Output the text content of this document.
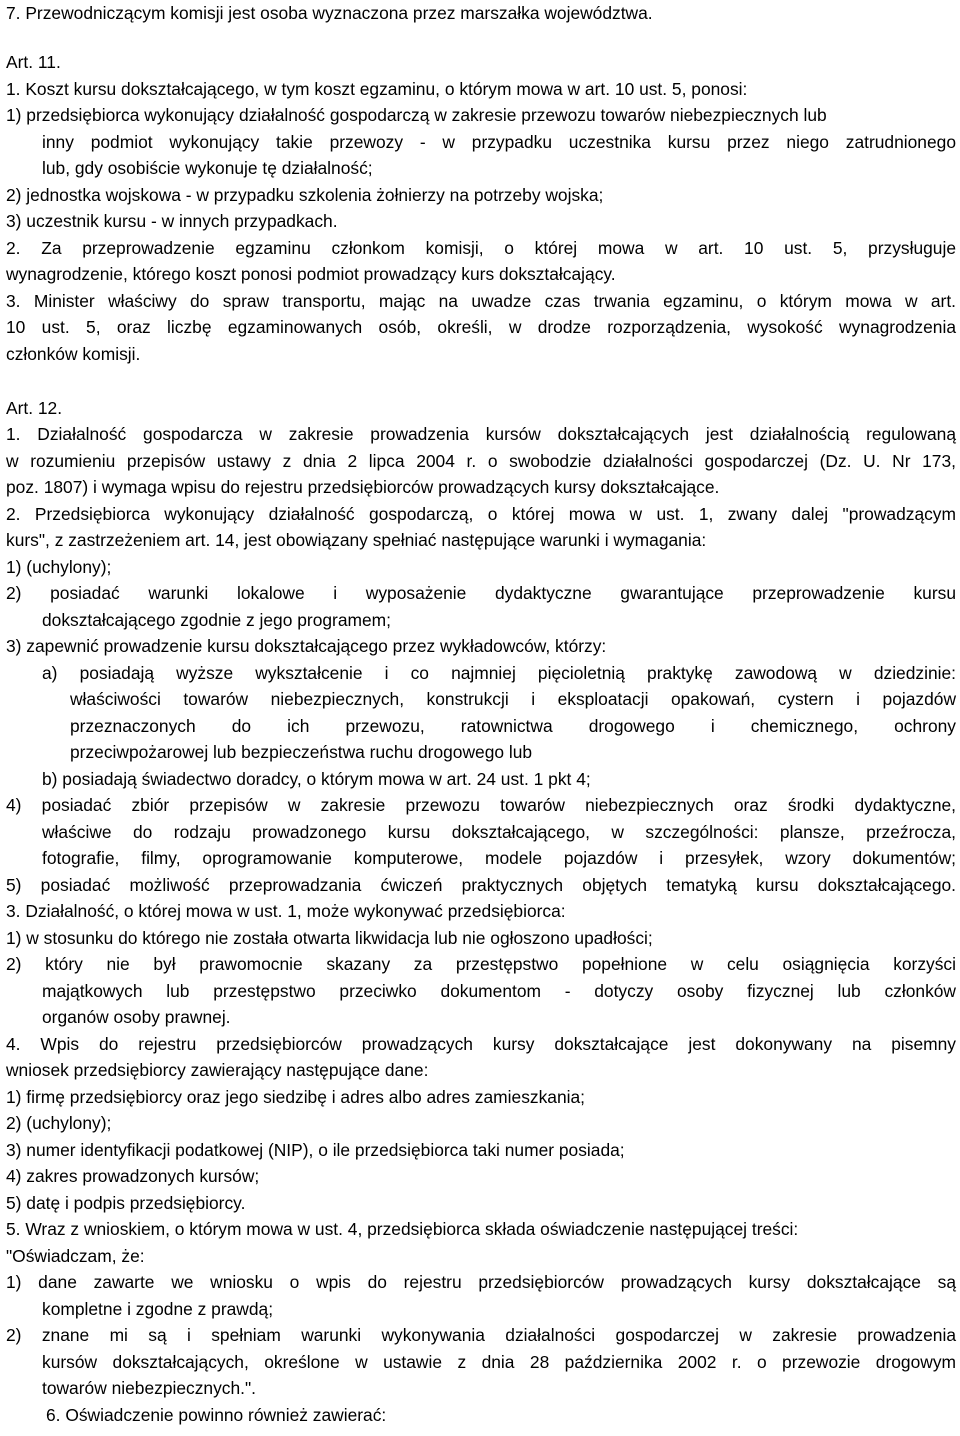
7. Przewodniczącym komisji jest osoba wyznaczona przez marszałka województwa.
Art. 11.
1. Koszt kursu dokształcającego, w tym koszt egzaminu, o którym mowa w art. 10 ust. 5, ponosi:
1) przedsiębiorca wykonujący działalność gospodarczą w zakresie przewozu towarów niebezpiecznych lub
inny podmiot wykonujący takie przewozy - w przypadku uczestnika kursu przez niego zatrudnionego
lub, gdy osobiście wykonuje tę działalność;
2) jednostka wojskowa - w przypadku szkolenia żołnierzy na potrzeby wojska;
3) uczestnik kursu - w innych przypadkach.
2. Za przeprowadzenie egzaminu członkom komisji, o której mowa w art. 10 ust. 5, przysługuje
wynagrodzenie, którego koszt ponosi podmiot prowadzący kurs dokształcający.
3. Minister właściwy do spraw transportu, mając na uwadze czas trwania egzaminu, o którym mowa w art.
10 ust. 5, oraz liczbę egzaminowanych osób, określi, w drodze rozporządzenia, wysokość wynagrodzenia
członków komisji.
Art. 12.
1. Działalność gospodarcza w zakresie prowadzenia kursów dokształcających jest działalnością regulowaną
w rozumieniu przepisów ustawy z dnia 2 lipca 2004 r. o swobodzie działalności gospodarczej (Dz. U. Nr 173,
poz. 1807) i wymaga wpisu do rejestru przedsiębiorców prowadzących kursy dokształcające.
2. Przedsiębiorca wykonujący działalność gospodarczą, o której mowa w ust. 1, zwany dalej "prowadzącym
kurs", z zastrzeżeniem art. 14, jest obowiązany spełniać następujące warunki i wymagania:
1) (uchylony);
2) posiadać warunki lokalowe i wyposażenie dydaktyczne gwarantujące przeprowadzenie kursu
dokształcającego zgodnie z jego programem;
3) zapewnić prowadzenie kursu dokształcającego przez wykładowców, którzy:
a) posiadają wyższe wykształcenie i co najmniej pięcioletnią praktykę zawodową w dziedzinie:
właściwości towarów niebezpiecznych, konstrukcji i eksploatacji opakowań, cystern i pojazdów
przeznaczonych do ich przewozu, ratownictwa drogowego i chemicznego, ochrony
przeciwpożarowej lub bezpieczeństwa ruchu drogowego lub
b) posiadają świadectwo doradcy, o którym mowa w art. 24 ust. 1 pkt 4;
4) posiadać zbiór przepisów w zakresie przewozu towarów niebezpiecznych oraz środki dydaktyczne,
właściwe do rodzaju prowadzonego kursu dokształcającego, w szczególności: plansze, przeźrocza,
fotografie, filmy, oprogramowanie komputerowe, modele pojazdów i przesyłek, wzory dokumentów;
5) posiadać możliwość przeprowadzania ćwiczeń praktycznych objętych tematyką kursu dokształcającego.
3. Działalność, o której mowa w ust. 1, może wykonywać przedsiębiorca:
1) w stosunku do którego nie została otwarta likwidacja lub nie ogłoszono upadłości;
2) który nie był prawomocnie skazany za przestępstwo popełnione w celu osiągnięcia korzyści
majątkowych lub przestępstwo przeciwko dokumentom - dotyczy osoby fizycznej lub członków
organów osoby prawnej.
4. Wpis do rejestru przedsiębiorców prowadzących kursy dokształcające jest dokonywany na pisemny
wniosek przedsiębiorcy zawierający następujące dane:
1) firmę przedsiębiorcy oraz jego siedzibę i adres albo adres zamieszkania;
2) (uchylony);
3) numer identyfikacji podatkowej (NIP), o ile przedsiębiorca taki numer posiada;
4) zakres prowadzonych kursów;
5) datę i podpis przedsiębiorcy.
5. Wraz z wnioskiem, o którym mowa w ust. 4, przedsiębiorca składa oświadczenie następującej treści:
"Oświadczam, że:
1) dane zawarte we wniosku o wpis do rejestru przedsiębiorców prowadzących kursy dokształcające są
kompletne i zgodne z prawdą;
2) znane mi są i spełniam warunki wykonywania działalności gospodarczej w zakresie prowadzenia
kursów dokształcających, określone w ustawie z dnia 28 października 2002 r. o przewozie drogowym
towarów niebezpiecznych.".
6. Oświadczenie powinno również zawierać:
